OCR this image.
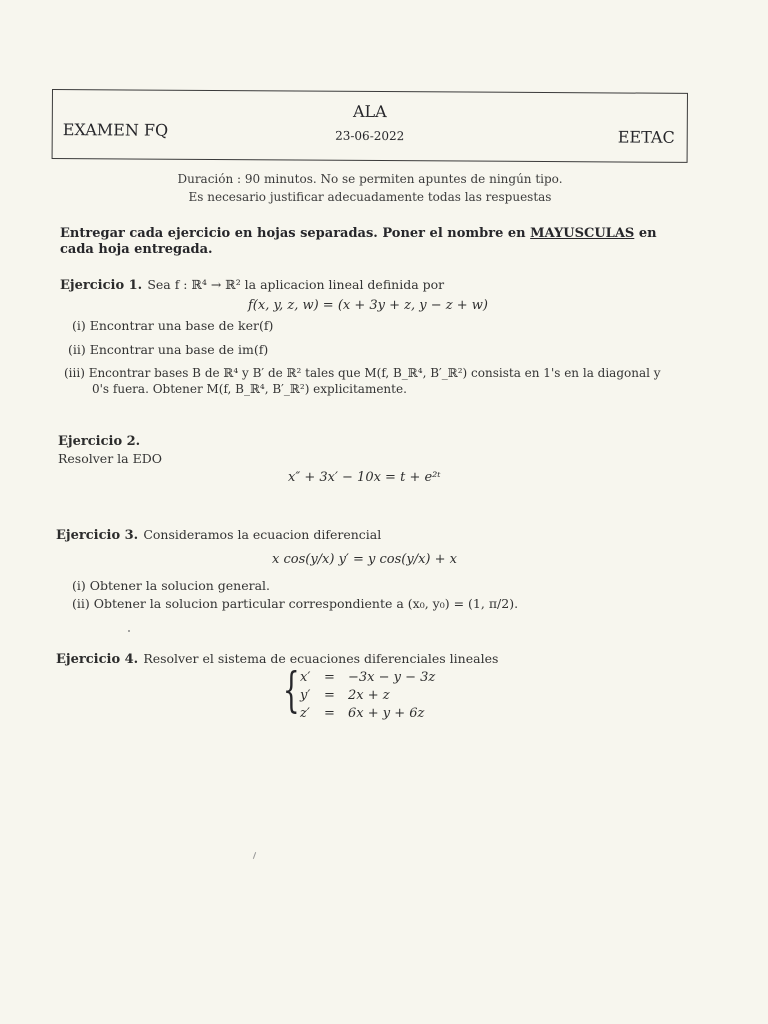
EXAMEN FQ
ALA
23-06-2022	EETAC
Duración : 90 minutos. No se permiten apuntes de ningún tipo.
Es necesario justificar adecuadamente todas las respuestas
Entregar cada ejercicio en hojas separadas. Poner el nombre en MAYUSCULAS en
cada hoja entregada.
Ejercicio 1. Sea f : ℝ⁴ → ℝ² la aplicacion lineal definida por
f(x, y, z, w) = (x + 3y + z, y − z + w)
(i) Encontrar una base de ker(f)
(ii) Encontrar una base de im(f)
(iii) Encontrar bases B de ℝ⁴ y B′ de ℝ² tales que M(f, B_ℝ⁴, B′_ℝ²) consista en 1's en la diagonal y
0's fuera. Obtener M(f, B_ℝ⁴, B′_ℝ²) explicitamente.
Ejercicio 2.
Resolver la EDO
x″ + 3x′ − 10x = t + e²ᵗ
Ejercicio 3. Consideramos la ecuacion diferencial
x cos(y/x) y′ = y cos(y/x) + x
(i) Obtener la solucion general.
(ii) Obtener la solucion particular correspondiente a (x₀, y₀) = (1, π/2).
Ejercicio 4. Resolver el sistema de ecuaciones diferenciales lineales
{ x′ = −3x − y − 3z
y′ = 2x + z
z′ = 6x + y + 6z
